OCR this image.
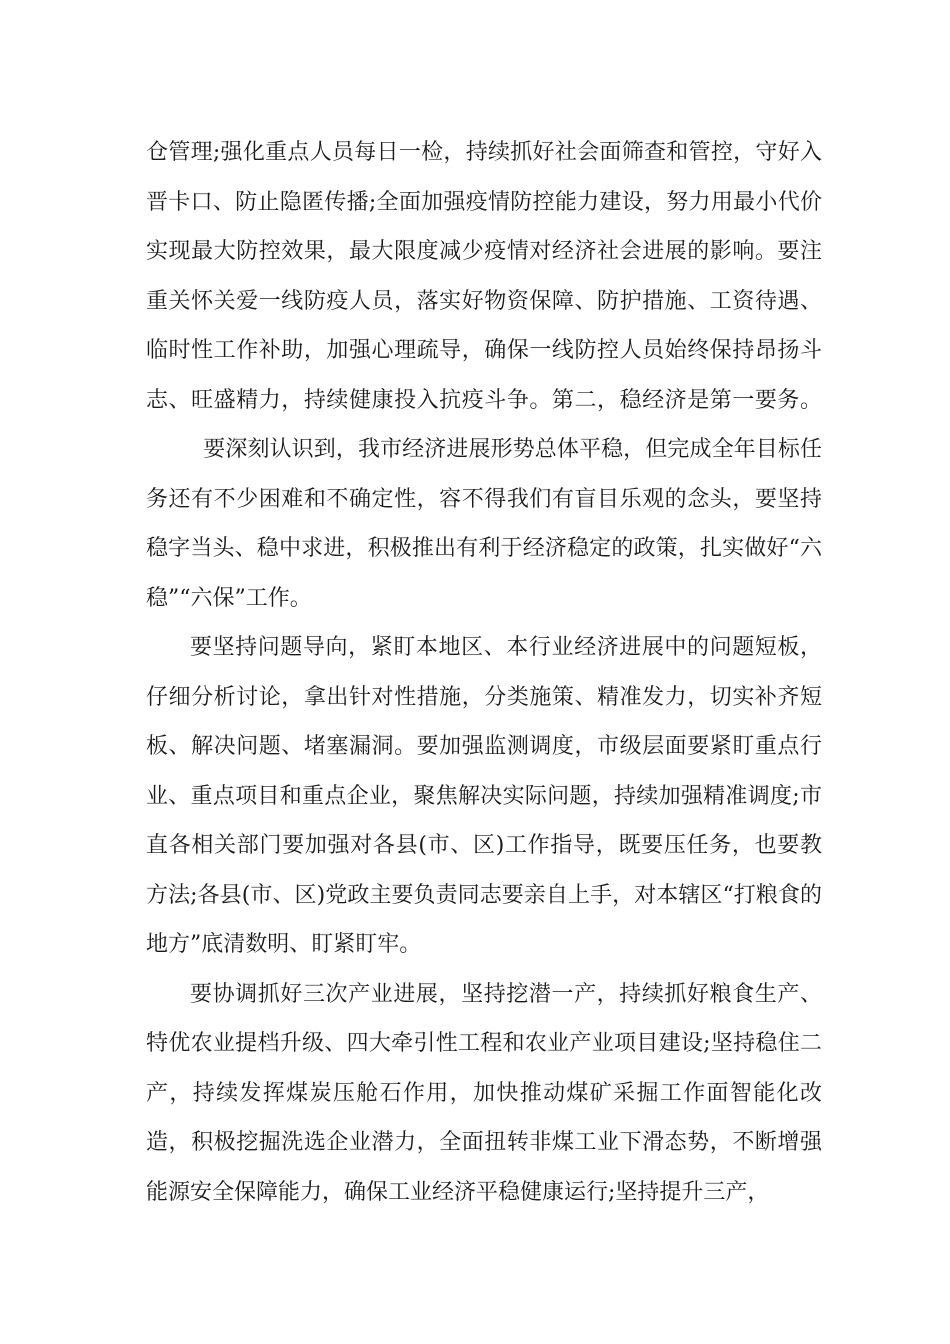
仓管理;强化重点人员每日一检，持续抓好社会面筛查和管控，守好入晋卡口、防止隐匿传播;全面加强疫情防控能力建设，努力用最小代价实现最大防控效果，最大限度减少疫情对经济社会进展的影响。要注重关怀关爱一线防疫人员，落实好物资保障、防护措施、工资待遇、临时性工作补助，加强心理疏导，确保一线防控人员始终保持昂扬斗志、旺盛精力，持续健康投入抗疫斗争。第二，稳经济是第一要务。要深刻认识到，我市经济进展形势总体平稳，但完成全年目标任务还有不少困难和不确定性，容不得我们有盲目乐观的念头，要坚持稳字当头、稳中求进，积极推出有利于经济稳定的政策，扎实做好“六稳”“六保”工作。

要坚持问题导向，紧盯本地区、本行业经济进展中的问题短板，仔细分析讨论，拿出针对性措施，分类施策、精准发力，切实补齐短板、解决问题、堵塞漏洞。要加强监测调度，市级层面要紧盯重点行业、重点项目和重点企业，聚焦解决实际问题，持续加强精准调度;市直各相关部门要加强对各县(市、区)工作指导，既要压任务，也要教方法;各县(市、区)党政主要负责同志要亲自上手，对本辖区“打粮食的地方”底清数明、盯紧盯牢。

要协调抓好三次产业进展，坚持挖潜一产，持续抓好粮食生产、特优农业提档升级、四大牵引性工程和农业产业项目建设;坚持稳住二产，持续发挥煤炭压舱石作用，加快推动煤矿采掘工作面智能化改造，积极挖掘洗选企业潜力，全面扭转非煤工业下滑态势，不断增强能源安全保障能力，确保工业经济平稳健康运行;坚持提升三产，
